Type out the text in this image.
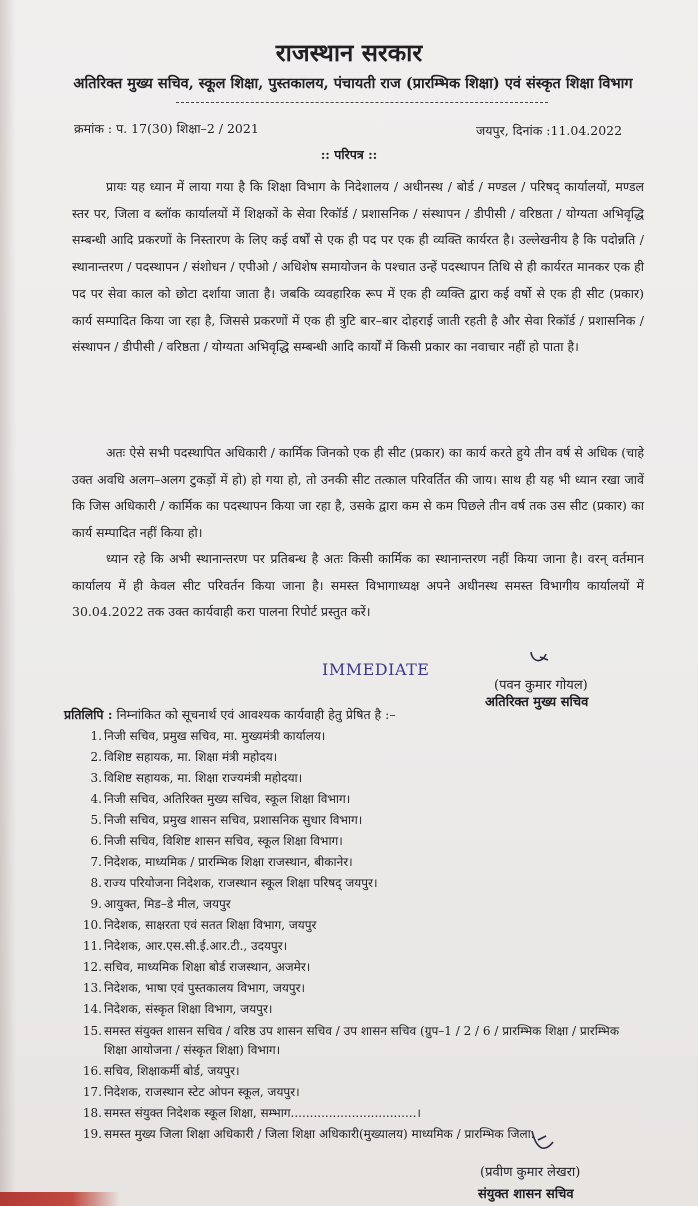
राजस्थान सरकार
अतिरिक्त मुख्य सचिव, स्कूल शिक्षा, पुस्तकालय, पंचायती राज (प्रारम्भिक शिक्षा) एवं संस्कृत शिक्षा विभाग
क्रमांक : प. 17(30) शिक्षा–2 / 2021	जयपुर, दिनांक :11.04.2022
:: परिपत्र ::

प्रायः यह ध्यान में लाया गया है कि शिक्षा विभाग के निदेशालय / अधीनस्थ / बोर्ड / मण्डल / परिषद् कार्यालयों, मण्डल स्तर पर, जिला व ब्लॉक कार्यालयों में शिक्षकों के सेवा रिकॉर्ड / प्रशासनिक / संस्थापन / डीपीसी / वरिष्ठता / योग्यता अभिवृद्धि सम्बन्धी आदि प्रकरणों के निस्तारण के लिए कई वर्षों से एक ही पद पर एक ही व्यक्ति कार्यरत है। उल्लेखनीय है कि पदोन्नति / स्थानान्तरण / पदस्थापन / संशोधन / एपीओ / अधिशेष समायोजन के पश्चात उन्हें पदस्थापन तिथि से ही कार्यरत मानकर एक ही पद पर सेवा काल को छोटा दर्शाया जाता है। जबकि व्यवहारिक रूप में एक ही व्यक्ति द्वारा कई वर्षो से एक ही सीट (प्रकार) कार्य सम्पादित किया जा रहा है, जिससे प्रकरणों में एक ही त्रुटि बार–बार दोहराई जाती रहती है और सेवा रिकॉर्ड / प्रशासनिक / संस्थापन / डीपीसी / वरिष्ठता / योग्यता अभिवृद्धि सम्बन्धी आदि कार्यों में किसी प्रकार का नवाचार नहीं हो पाता है।

अतः ऐसे सभी पदस्थापित अधिकारी / कार्मिक जिनको एक ही सीट (प्रकार) का कार्य करते हुये तीन वर्ष से अधिक (चाहे उक्त अवधि अलग–अलग टुकड़ों में हो) हो गया हो, तो उनकी सीट तत्काल परिवर्तित की जाय। साथ ही यह भी ध्यान रखा जावें कि जिस अधिकारी / कार्मिक का पदस्थापन किया जा रहा है, उसके द्वारा कम से कम पिछले तीन वर्ष तक उस सीट (प्रकार) का कार्य सम्पादित नहीं किया हो।

ध्यान रहे कि अभी स्थानान्तरण पर प्रतिबन्ध है अतः किसी कार्मिक का स्थानान्तरण नहीं किया जाना है। वरन् वर्तमान कार्यालय में ही केवल सीट परिवर्तन किया जाना है। समस्त विभागाध्यक्ष अपने अधीनस्थ समस्त विभागीय कार्यालयों में 30.04.2022 तक उक्त कार्यवाही करा पालना रिपोर्ट प्रस्तुत करें।

IMMEDIATE
(पवन कुमार गोयल)
अतिरिक्त मुख्य सचिव
प्रतिलिपि : निम्नांकित को सूचनार्थ एवं आवश्यक कार्यवाही हेतु प्रेषित है :–
1. निजी सचिव, प्रमुख सचिव, मा. मुख्यमंत्री कार्यालय।
2. विशिष्ट सहायक, मा. शिक्षा मंत्री महोदय।
3. विशिष्ट सहायक, मा. शिक्षा राज्यमंत्री महोदया।
4. निजी सचिव, अतिरिक्त मुख्य सचिव, स्कूल शिक्षा विभाग।
5. निजी सचिव, प्रमुख शासन सचिव, प्रशासनिक सुधार विभाग।
6. निजी सचिव, विशिष्ट शासन सचिव, स्कूल शिक्षा विभाग।
7. निदेशक, माध्यमिक / प्रारम्भिक शिक्षा राजस्थान, बीकानेर।
8. राज्य परियोजना निदेशक, राजस्थान स्कूल शिक्षा परिषद् जयपुर।
9. आयुक्त, मिड–डे मील, जयपुर
10. निदेशक, साक्षरता एवं सतत शिक्षा विभाग, जयपुर
11. निदेशक, आर.एस.सी.ई.आर.टी., उदयपुर।
12. सचिव, माध्यमिक शिक्षा बोर्ड राजस्थान, अजमेर।
13. निदेशक, भाषा एवं पुस्तकालय विभाग, जयपुर।
14. निदेशक, संस्कृत शिक्षा विभाग, जयपुर।
15. समस्त संयुक्त शासन सचिव / वरिष्ठ उप शासन सचिव / उप शासन सचिव (ग्रुप–1 / 2 / 6 / प्रारम्भिक शिक्षा / प्रारम्भिक शिक्षा आयोजना / संस्कृत शिक्षा) विभाग।
16. सचिव, शिक्षाकर्मी बोर्ड, जयपुर।
17. निदेशक, राजस्थान स्टेट ओपन स्कूल, जयपुर।
18. समस्त संयुक्त निदेशक स्कूल शिक्षा, सम्भाग.................................।
19. समस्त मुख्य जिला शिक्षा अधिकारी / जिला शिक्षा अधिकारी(मुख्यालय) माध्यमिक / प्रारम्भिक जिला.
(प्रवीण कुमार लेखरा)
संयुक्त शासन सचिव
